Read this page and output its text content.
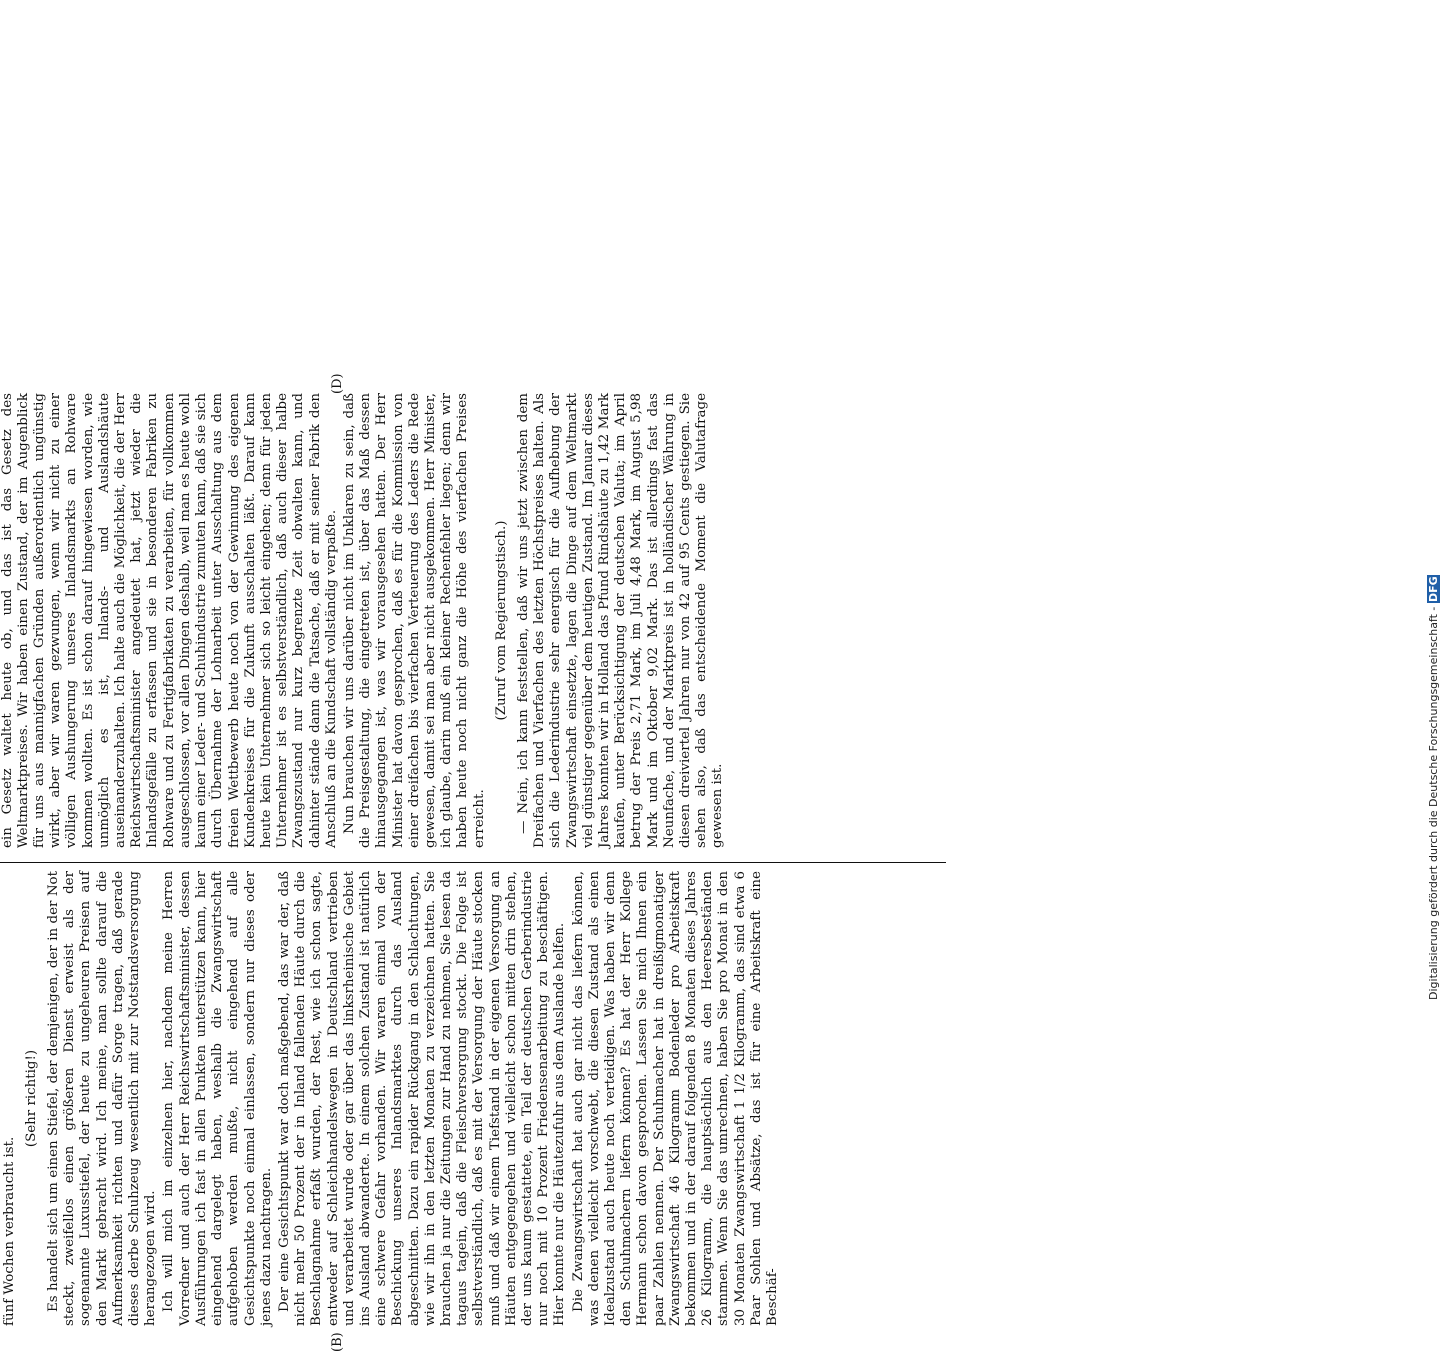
(B)
(D)

fünf Wochen verbraucht ist. (Sehr richtig!) Es handelt sich um einen Stiefel, der demjenigen, der in der Not steckt, zweifellos einen größeren Dienst erweist als der sogenannte Luxusstiefel, der heute zu ungeheuren Preisen auf den Markt gebracht wird. Ich meine, man sollte darauf die Aufmerksamkeit richten und dafür Sorge tragen, daß gerade dieses derbe Schuhzeug wesentlich mit zur Notstandsversorgung herangezogen wird. Ich will mich im einzelnen hier, nachdem meine Herren Vorredner und auch der Herr Reichswirtschaftsminister, dessen Ausführungen ich fast in allen Punkten unterstützen kann, hier eingehend dargelegt haben, weshalb die Zwangswirtschaft aufgehoben werden mußte, nicht eingehend auf alle Gesichtspunkte noch einmal einlassen, sondern nur dieses oder jenes dazu nachtragen. Der eine Gesichtspunkt war doch maßgebend, das war der, daß nicht mehr 50 Prozent der in Inland fallenden Häute durch die Beschlagnahme erfaßt wurden, der Rest, wie ich schon sagte, entweder auf Schleichhandelswegen in Deutschland vertrieben und verarbeitet wurde oder gar über das linksrheinische Gebiet ins Ausland abwanderte. In einem solchen Zustand ist natürlich eine schwere Gefahr vorhanden. Wir waren einmal von der Beschickung unseres Inlandsmarktes durch das Ausland abgeschnitten. Dazu ein rapider Rückgang in den Schlachtungen, wie wir ihn in den letzten Monaten zu verzeichnen hatten. Sie brauchen ja nur die Zeitungen zur Hand zu nehmen, Sie lesen da tagaus tagein, daß die Fleischversorgung stockt. Die Folge ist selbstverständlich, daß es mit der Versorgung der Häute stocken muß und daß wir einem Tiefstand in der eigenen Versorgung an Häuten entgegengehen und vielleicht schon mitten drin stehen, der uns kaum gestattete, ein Teil der deutschen Gerberindustrie nur noch mit 10 Prozent Friedensenarbeitung zu beschäftigen. Hier konnte nur die Häutezufuhr aus dem Auslande helfen. Die Zwangswirtschaft hat auch gar nicht das liefern können, was denen vielleicht vorschwebt, die diesen Zustand als einen Idealzustand auch heute noch verteidigen. Was haben wir denn den Schuhmachern liefern können? Es hat der Herr Kollege Hermann schon davon gesprochen. Lassen Sie mich Ihnen ein paar Zahlen nennen. Der Schuhmacher hat in dreißigmonatiger Zwangswirtschaft 46 Kilogramm Bodenleder pro Arbeitskraft bekommen und in der darauf folgenden 8 Monaten dieses Jahres 26 Kilogramm, die hauptsächlich aus den Heeresbeständen stammen. Wenn Sie das umrechnen, haben Sie pro Monat in den 30 Monaten Zwangswirtschaft 1 1/2 Kilogramm, das sind etwa 6 Paar Sohlen und Absätze, das ist für eine Arbeitskraft eine Beschäf-

ein Gesetz waltet heute ob, und das ist das Gesetz des Weltmarktpreises. Wir haben einen Zustand, der im Augenblick für uns aus mannigfachen Gründen außerordentlich ungünstig wirkt, aber wir waren gezwungen, wenn wir nicht zu einer völligen Aushungerung unseres Inlandsmarkts an Rohware kommen wollten. Es ist schon darauf hingewiesen worden, wie unmöglich es ist, Inlands- und Auslandshäute auseinanderzuhalten. Ich halte auch die Möglichkeit, die der Herr Reichswirtschaftsminister angedeutet hat, jetzt wieder die Inlandsgefälle zu erfassen und sie in besonderen Fabriken zu Rohware und zu Fertigfabrikaten zu verarbeiten, für vollkommen ausgeschlossen, vor allen Dingen deshalb, weil man es heute wohl kaum einer Leder- und Schuhindustrie zumuten kann, daß sie sich durch Übernahme der Lohnarbeit unter Ausschaltung aus dem freien Wettbewerb heute noch von der Gewinnung des eigenen Kundenkreises für die Zukunft ausschalten läßt. Darauf kann heute kein Unternehmer sich so leicht eingehen; denn für jeden Unternehmer ist es selbstverständlich, daß auch dieser halbe Zwangszustand nur kurz begrenzte Zeit obwalten kann, und dahinter stände dann die Tatsache, daß er mit seiner Fabrik den Anschluß an die Kundschaft vollständig verpaßte. Nun brauchen wir uns darüber nicht im Unklaren zu sein, daß die Preisgestaltung, die eingetreten ist, über das Maß dessen hinausgegangen ist, was wir vorausgesehen hatten. Der Herr Minister hat davon gesprochen, daß es für die Kommission von einer dreifachen bis vierfachen Verteuerung des Leders die Rede gewesen, damit sei man aber nicht ausgekommen. Herr Minister, ich glaube, darin muß ein kleiner Rechenfehler liegen; denn wir haben heute noch nicht ganz die Höhe des vierfachen Preises erreicht.

(Zuruf vom Regierungstisch.) — Nein, ich kann feststellen, daß wir uns jetzt zwischen dem Dreifachen und Vierfachen des letzten Höchstpreises halten. Als sich die Lederindustrie sehr energisch für die Aufhebung der Zwangswirtschaft einsetzte, lagen die Dinge auf dem Weltmarkt viel günstiger gegenüber dem heutigen Zustand. Im Januar dieses Jahres konnten wir in Holland das Pfund Rindshäute zu 1,42 Mark kaufen, unter Berücksichtigung der deutschen Valuta; im April betrug der Preis 2,71 Mark, im Juli 4,48 Mark, im August 5,98 Mark und im Oktober 9,02 Mark. Das ist allerdings fast das Neunfache, und der Marktpreis ist in holländischer Währung in diesen dreiviertel Jahren nur von 42 auf 95 Cents gestiegen. Sie sehen also, daß das entscheidende Moment die Valutafrage gewesen ist.	Digitalisierung gefördert durch die Deutsche Forschungsgemeinschaft - DFG
